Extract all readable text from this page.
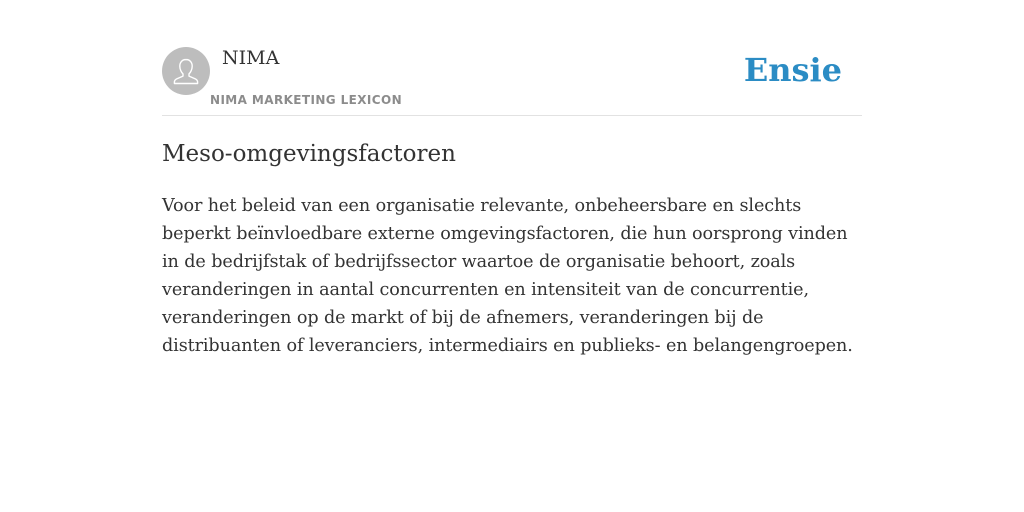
NIMA
NIMA MARKETING LEXICON
Ensie
Meso-omgevingsfactoren

Voor het beleid van een organisatie relevante, onbeheersbare en slechts beperkt beïnvloedbare externe omgevingsfactoren, die hun oorsprong vinden in de bedrijfstak of bedrijfssector waartoe de organisatie behoort, zoals veranderingen in aantal concurrenten en intensiteit van de concurrentie, veranderingen op de markt of bij de afnemers, veranderingen bij de distribuanten of leveranciers, intermediairs en publieks- en belangengroepen.
